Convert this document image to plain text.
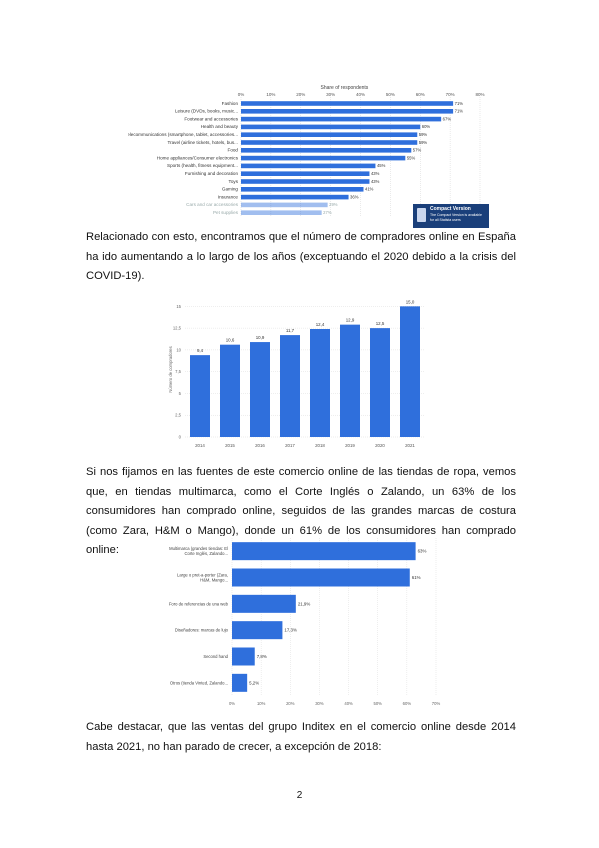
Share of respondents
0%	10%	20%	30%	40%	50%	60%	70%	80%
Fashion	71%
Leisure (DVDs, books, music...	71%
Footwear and accessories	67%
Health and beauty	60%
Telecommunications (smartphone, tablet, accessories...	59%
Travel (airline tickets, hotels, bus...	59%
Food	57%
Home appliances/Consumer electronics	55%
Sports (health, fitness equipment...	45%
Furnishing and decoration	43%
Toys	43%
Gaming	41%
Insurance	36%
Cars and car accessories	29%
Pet supplies	27%
Compact Version
The Compact Version is available
for all Statista users

Relacionado con esto, encontramos que el número de compradores online en España ha ido aumentando a lo largo de los años (exceptuando el 2020 debido a la crisis del COVID-19).

0
2,5
5
7,5
10
12,5
15
Número de compradores	9,4
2014
10,6
2015
10,9
2016
11,7
2017
12,4
2018
12,9
2019
12,5
2020
15,0
2021

Si nos fijamos en las fuentes de este comercio online de las tiendas de ropa, vemos que, en tiendas multimarca, como el Corte Inglés o Zalando, un 63% de los consumidores han comprado online, seguidos de las grandes marcas de costura (como Zara, H&M o Mango), donde un 61% de los consumidores han comprado online:

0%	10%	20%	30%	40%	50%	60%	70%
Multimarca (grandes tiendas: El Corte Inglés, Zalando...	63%
Large o pret-a-porter (Zara, H&M, Mango...	61%
Foro de referencias de una web	21,9%
Diseñadores: marcas de lujo	17,3%
Second hand	7,8%
Otros (tienda Vinted, Zalando...	5,2%

Cabe destacar, que las ventas del grupo Inditex en el comercio online desde 2014 hasta 2021, no han parado de crecer, a excepción de 2018:

2
